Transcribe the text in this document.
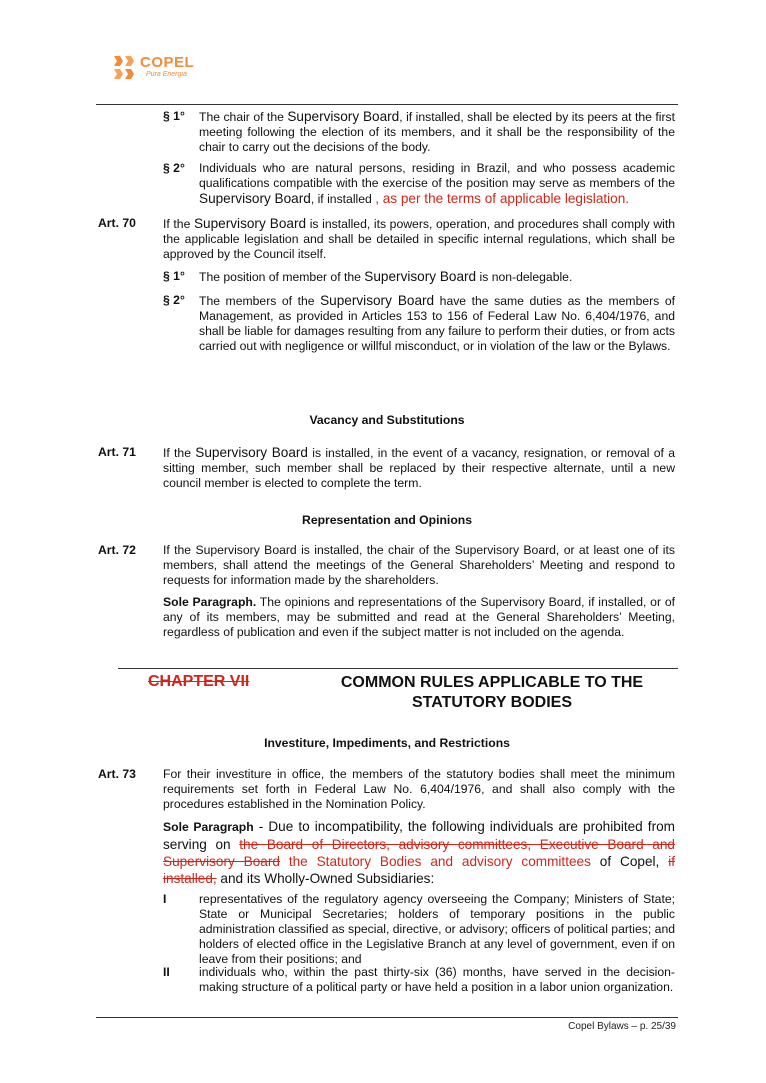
COPEL
Pura Energia
§ 1° The chair of the Supervisory Board, if installed, shall be elected by its peers at the first meeting following the election of its members, and it shall be the responsibility of the chair to carry out the decisions of the body.
§ 2° Individuals who are natural persons, residing in Brazil, and who possess academic qualifications compatible with the exercise of the position may serve as members of the Supervisory Board, if installed , as per the terms of applicable legislation.
Art. 70 If the Supervisory Board is installed, its powers, operation, and procedures shall comply with the applicable legislation and shall be detailed in specific internal regulations, which shall be approved by the Council itself.
§ 1° The position of member of the Supervisory Board is non-delegable.
§ 2° The members of the Supervisory Board have the same duties as the members of Management, as provided in Articles 153 to 156 of Federal Law No. 6,404/1976, and shall be liable for damages resulting from any failure to perform their duties, or from acts carried out with negligence or willful misconduct, or in violation of the law or the Bylaws.
Vacancy and Substitutions
Art. 71 If the Supervisory Board is installed, in the event of a vacancy, resignation, or removal of a sitting member, such member shall be replaced by their respective alternate, until a new council member is elected to complete the term.
Representation and Opinions
Art. 72 If the Supervisory Board is installed, the chair of the Supervisory Board, or at least one of its members, shall attend the meetings of the General Shareholders’ Meeting and respond to requests for information made by the shareholders.
Sole Paragraph. The opinions and representations of the Supervisory Board, if installed, or of any of its members, may be submitted and read at the General Shareholders’ Meeting, regardless of publication and even if the subject matter is not included on the agenda.
CHAPTER VII	COMMON RULES APPLICABLE TO THE STATUTORY BODIES
Investiture, Impediments, and Restrictions
Art. 73 For their investiture in office, the members of the statutory bodies shall meet the minimum requirements set forth in Federal Law No. 6,404/1976, and shall also comply with the procedures established in the Nomination Policy.
Sole Paragraph - Due to incompatibility, the following individuals are prohibited from serving on the Board of Directors, advisory committees, Executive Board and Supervisory Board the Statutory Bodies and advisory committees of Copel, if installed, and its Wholly-Owned Subsidiaries:
I	representatives of the regulatory agency overseeing the Company; Ministers of State; State or Municipal Secretaries; holders of temporary positions in the public administration classified as special, directive, or advisory; officers of political parties; and holders of elected office in the Legislative Branch at any level of government, even if on leave from their positions; and
II individuals who, within the past thirty-six (36) months, have served in the decision-making structure of a political party or have held a position in a labor union organization.
Copel Bylaws – p. 25/39
